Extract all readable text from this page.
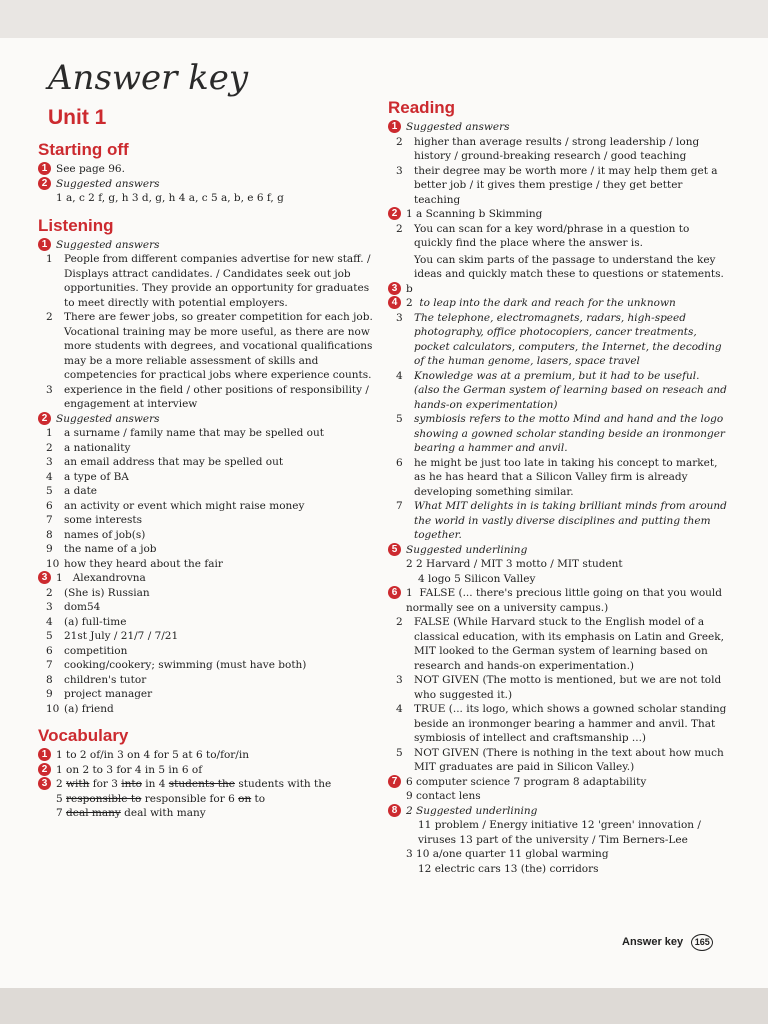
Answer key
Unit 1
Starting off
1 See page 96.
2 Suggested answers
1 a, c 2 f, g, h 3 d, g, h 4 a, c 5 a, b, e 6 f, g
Listening
1 Suggested answers
1 People from different companies advertise for new staff. / Displays attract candidates. / Candidates seek out job opportunities. They provide an opportunity for graduates to meet directly with potential employers.
2 There are fewer jobs, so greater competition for each job. Vocational training may be more useful, as there are now more students with degrees, and vocational qualifications may be a more reliable assessment of skills and competencies for practical jobs where experience counts.
3 experience in the field / other positions of responsibility / engagement at interview
2 Suggested answers
1 a surname / family name that may be spelled out
2 a nationality
3 an email address that may be spelled out
4 a type of BA
5 a date
6 an activity or event which might raise money
7 some interests
8 names of job(s)
9 the name of a job
10 how they heard about the fair
3 1 Alexandrovna
2 (She is) Russian
3 dom54
4 (a) full-time
5 21st July / 21/7 / 7/21
6 competition
7 cooking/cookery; swimming (must have both)
8 children's tutor
9 project manager
10 (a) friend
Vocabulary
1 1 to 2 of/in 3 on 4 for 5 at 6 to/for/in
2 1 on 2 to 3 for 4 in 5 in 6 of
3 2 with for 3 into in 4 students the students with the
5 responsible to responsible for 6 on to
7 deal many deal with many
Reading
1 Suggested answers
2 higher than average results / strong leadership / long history / ground-breaking research / good teaching
3 their degree may be worth more / it may help them get a better job / it gives them prestige / they get better teaching
2 1 a Scanning b Skimming
2 You can scan for a key word/phrase in a question to quickly find the place where the answer is.
You can skim parts of the passage to understand the key ideas and quickly match these to questions or statements.
3 b
4 2 to leap into the dark and reach for the unknown
3 The telephone, electromagnets, radars, high-speed photography, office photocopiers, cancer treatments, pocket calculators, computers, the Internet, the decoding of the human genome, lasers, space travel
4 Knowledge was at a premium, but it had to be useful. (also the German system of learning based on reseach and hands-on experimentation)
5 symbiosis refers to the motto Mind and hand and the logo showing a gowned scholar standing beside an ironmonger bearing a hammer and anvil.
6 he might be just too late in taking his concept to market, as he has heard that a Silicon Valley firm is already developing something similar.
7 What MIT delights in is taking brilliant minds from around the world in vastly diverse disciplines and putting them together.
5 Suggested underlining
2 2 Harvard / MIT 3 motto / MIT student
4 logo 5 Silicon Valley
6 1 FALSE (... there's precious little going on that you would normally see on a university campus.)
2 FALSE (While Harvard stuck to the English model of a classical education, with its emphasis on Latin and Greek, MIT looked to the German system of learning based on research and hands-on experimentation.)
3 NOT GIVEN (The motto is mentioned, but we are not told who suggested it.)
4 TRUE (... its logo, which shows a gowned scholar standing beside an ironmonger bearing a hammer and anvil. That symbiosis of intellect and craftsmanship ...)
5 NOT GIVEN (There is nothing in the text about how much MIT graduates are paid in Silicon Valley.)
7 6 computer science 7 program 8 adaptability
9 contact lens
8 2 Suggested underlining
11 problem / Energy initiative 12 'green' innovation /
viruses 13 part of the university / Tim Berners-Lee
3 10 a/one quarter 11 global warming
12 electric cars 13 (the) corridors
Answer key 165
